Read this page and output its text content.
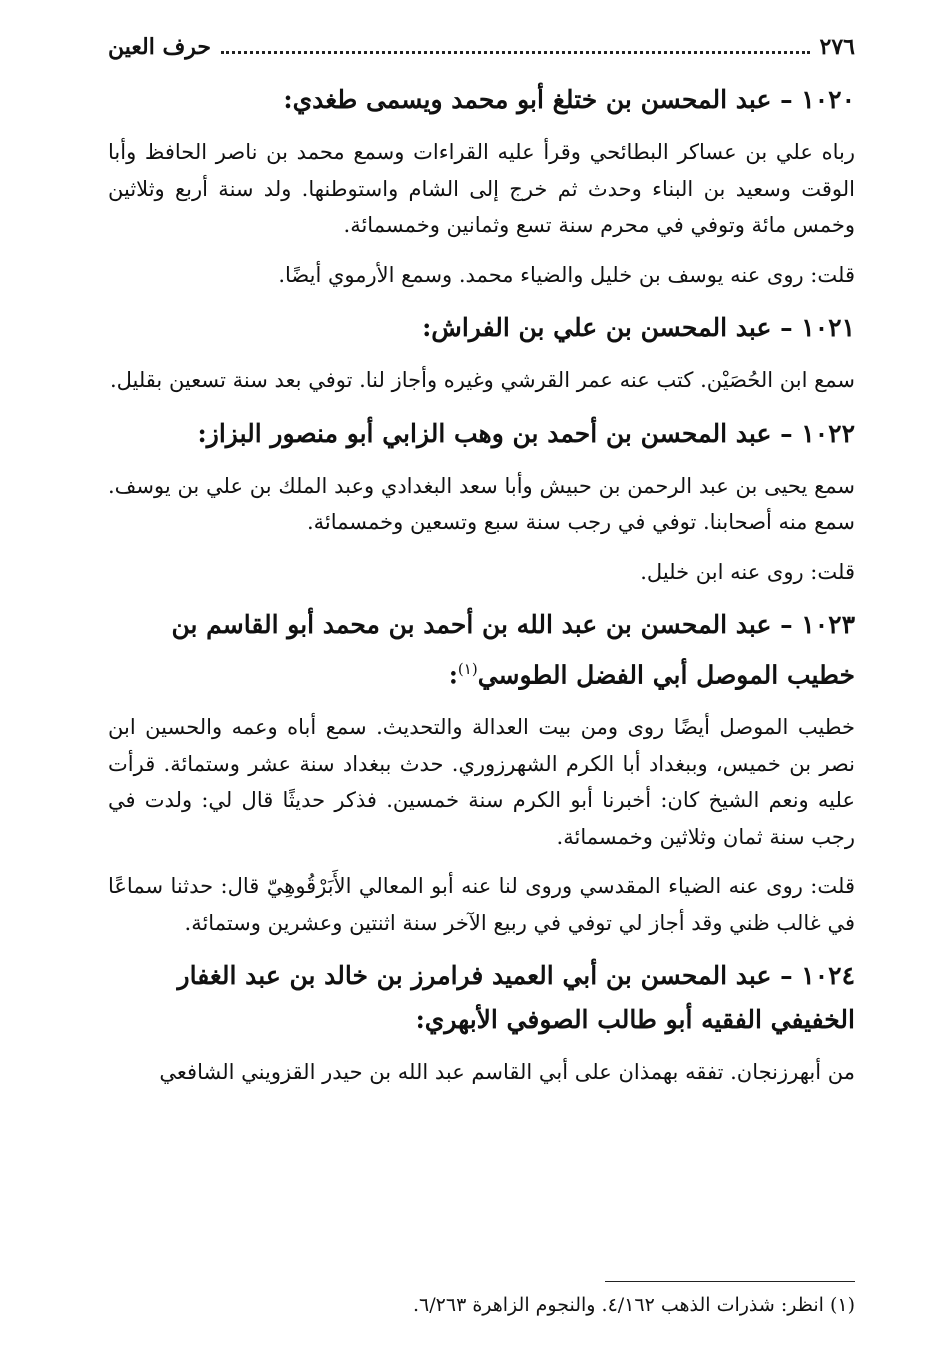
٢٧٦
حرف العين

١٠٢٠ – عبد المحسن بن ختلغ أبو محمد ويسمى طغدي:

رباه علي بن عساكر البطائحي وقرأ عليه القراءات وسمع محمد بن ناصر الحافظ وأبا الوقت وسعيد بن البناء وحدث ثم خرج إلى الشام واستوطنها. ولد سنة أربع وثلاثين وخمس مائة وتوفي في محرم سنة تسع وثمانين وخمسمائة.

قلت: روى عنه يوسف بن خليل والضياء محمد. وسمع الأرموي أيضًا.

١٠٢١ – عبد المحسن بن علي بن الفراش:

سمع ابن الحُصَيْن. كتب عنه عمر القرشي وغيره وأجاز لنا. توفي بعد سنة تسعين بقليل.

١٠٢٢ – عبد المحسن بن أحمد بن وهب الزابي أبو منصور البزاز:

سمع يحيى بن عبد الرحمن بن حبيش وأبا سعد البغدادي وعبد الملك بن علي بن يوسف. سمع منه أصحابنا. توفي في رجب سنة سبع وتسعين وخمسمائة.

قلت: روى عنه ابن خليل.

١٠٢٣ – عبد المحسن بن عبد الله بن أحمد بن محمد أبو القاسم بن خطيب الموصل أبي الفضل الطوسي$^{(١)}$:

خطيب الموصل أيضًا روى ومن بيت العدالة والتحديث. سمع أباه وعمه والحسين ابن نصر بن خميس، وببغداد أبا الكرم الشهرزوري. حدث ببغداد سنة عشر وستمائة. قرأت عليه ونعم الشيخ كان: أخبرنا أبو الكرم سنة خمسين. فذكر حديثًا قال لي: ولدت في رجب سنة ثمان وثلاثين وخمسمائة.

قلت: روى عنه الضياء المقدسي وروى لنا عنه أبو المعالي الأَبَرْقُوهِيّ قال: حدثنا سماعًا في غالب ظني وقد أجاز لي توفي في ربيع الآخر سنة اثنتين وعشرين وستمائة.

١٠٢٤ – عبد المحسن بن أبي العميد فرامرز بن خالد بن عبد الغفار الخفيفي الفقيه أبو طالب الصوفي الأبهري:

من أبهرزنجان. تفقه بهمذان على أبي القاسم عبد الله بن حيدر القزويني الشافعي

(١) انظر: شذرات الذهب ٤/١٦٢. والنجوم الزاهرة ٦/٢٦٣.
